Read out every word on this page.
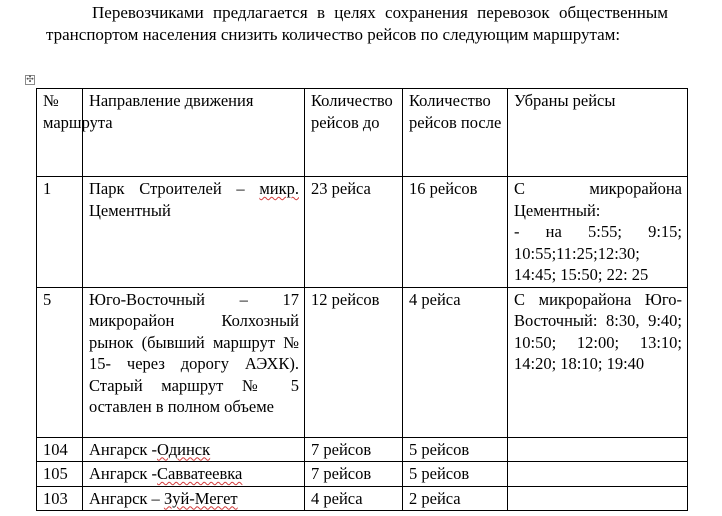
Перевозчиками предлагается в целях сохранения перевозок общественным транспортом населения снизить количество рейсов по следующим маршрутам:

✣
№ маршрута	Направление движения	Количество рейсов до	Количество рейсов после	Убраны рейсы
1	Парк Строителей – микр. Цементный	23 рейса	16 рейсов	С микрорайона Цементный:
- на 5:55; 9:15; 10:55;11:25;12:30; 14:45; 15:50; 22: 25

5	Юго-Восточный – 17 микрорайон Колхозный рынок (бывший маршрут № 15- через дорогу АЭХК). Старый маршрут № 5 оставлен в полном объеме	12 рейсов	4 рейса	С микрорайона Юго-Восточный: 8:30, 9:40; 10:50; 12:00; 13:10; 14:20; 18:10; 19:40
104	Ангарск -Одинск	7 рейсов	5 рейсов	
105	Ангарск -Савватеевка	7 рейсов	5 рейсов	
103	Ангарск – Зуй-Мегет	4 рейса	2 рейса	
